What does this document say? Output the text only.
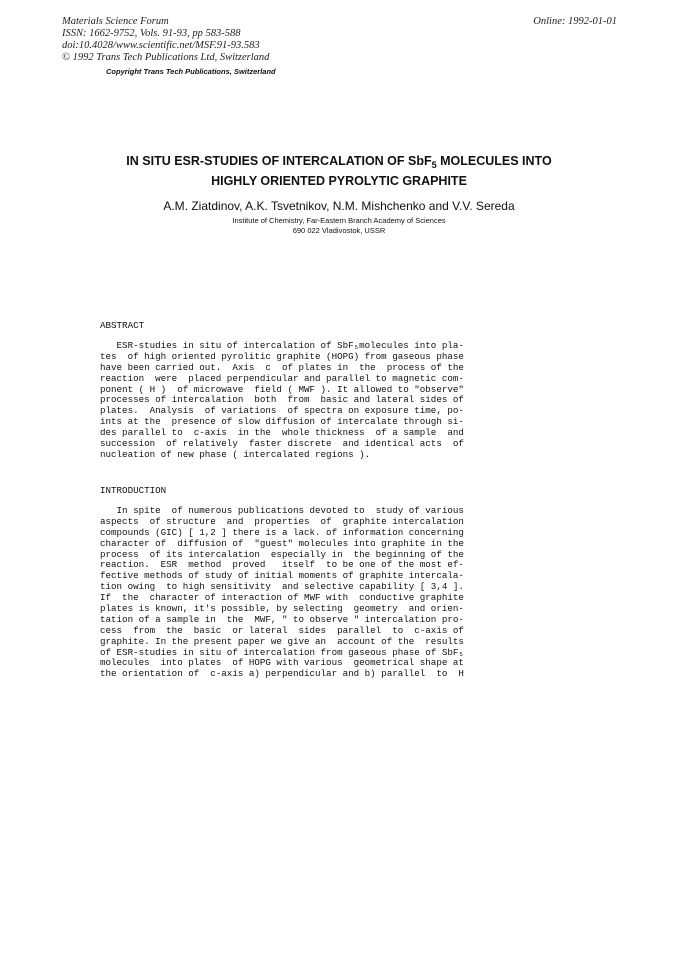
Materials Science Forum
ISSN: 1662-9752, Vols. 91-93, pp 583-588
doi:10.4028/www.scientific.net/MSF.91-93.583
© 1992 Trans Tech Publications Ltd, Switzerland
Copyright Trans Tech Publications, Switzerland
Online: 1992-01-01
IN SITU ESR-STUDIES OF INTERCALATION OF SbF$_5$ MOLECULES INTO
HIGHLY ORIENTED PYROLYTIC GRAPHITE
A.M. Ziatdinov, A.K. Tsvetnikov, N.M. Mishchenko and V.V. Sereda
Institute of Chemistry, Far-Eastern Branch Academy of Sciences
690 022 Vladivostok, USSR
ABSTRACT
ESR-studies in situ of intercalation of SbF₅molecules into pla-
tes  of high oriented pyrolitic graphite (HOPG) from gaseous phase
have been carried out.  Axis  c  of plates in  the  process of the
reaction  were  placed perpendicular and parallel to magnetic com-
ponent ( H )  of microwave  field ( MWF ). It allowed to "observe"
processes of intercalation  both  from  basic and lateral sides of
plates.  Analysis  of variations  of spectra on exposure time, po-
ints at the  presence of slow diffusion of intercalate through si-
des parallel to  c-axis  in the  whole thickness  of a sample  and
succession  of relatively  faster discrete  and identical acts  of
nucleation of new phase ( intercalated regions ).
INTRODUCTION
In spite  of numerous publications devoted to  study of various
aspects  of structure  and  properties  of  graphite intercalation
compounds (GIC) [ 1,2 ] there is a lack. of information concerning
character of  diffusion of  "guest" molecules into graphite in the
process  of its intercalation  especially in  the beginning of the
reaction.  ESR  method  proved   itself  to be one of the most ef-
fective methods of study of initial moments of graphite intercala-
tion owing  to high sensitivity  and selective capability [ 3,4 ].
If  the  character of interaction of MWF with  conductive graphite
plates is known, it's possible, by selecting  geometry  and orien-
tation of a sample in  the  MWF, " to observe " intercalation pro-
cess  from  the  basic  or lateral  sides  parallel  to  c-axis of
graphite. In the present paper we give an  account of the  results
of ESR-studies in situ of intercalation from gaseous phase of SbF₅
molecules  into plates  of HOPG with various  geometrical shape at
the orientation of  c-axis a) perpendicular and b) parallel  to  H
